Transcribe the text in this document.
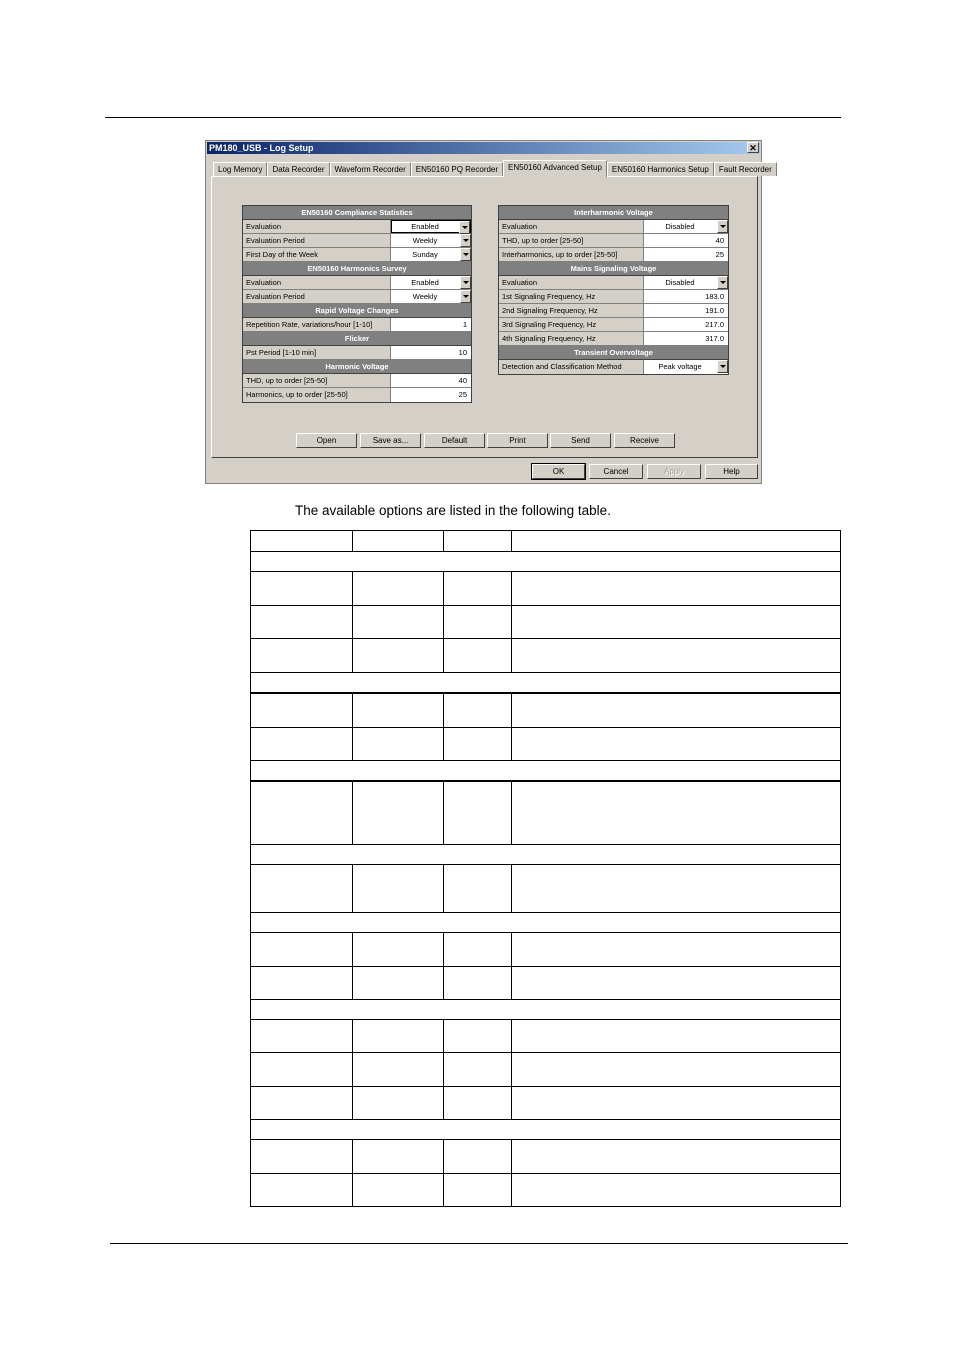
PM180_USB - Log Setup	✕
Log Memory	Data Recorder	Waveform Recorder	EN50160 PQ Recorder	EN50160 Advanced Setup	EN50160 Harmonics Setup	Fault Recorder
EN50160 Compliance Statistics
Evaluation	Enabled
Evaluation Period	Weekly
First Day of the Week	Sunday
EN50160 Harmonics Survey
Evaluation	Enabled
Evaluation Period	Weekly
Rapid Voltage Changes
Repetition Rate, variations/hour [1-10]	1
Flicker
Pst Period [1-10 min]	10
Harmonic Voltage
THD, up to order [25-50]	40
Harmonics, up to order [25-50]	25
Interharmonic Voltage
Evaluation	Disabled
THD, up to order [25-50]	40
Interharmonics, up to order [25-50]	25
Mains Signaling Voltage
Evaluation	Disabled
1st Signaling Frequency, Hz	183.0
2nd Signaling Frequency, Hz	191.0
3rd Signaling Frequency, Hz	217.0
4th Signaling Frequency, Hz	317.0
Transient Overvoltage
Detection and Classification Method	Peak voltage
Open	Save as...	Default	Print	Send	Receive
OK	Cancel	Apply	Help
The available options are listed in the following table.
